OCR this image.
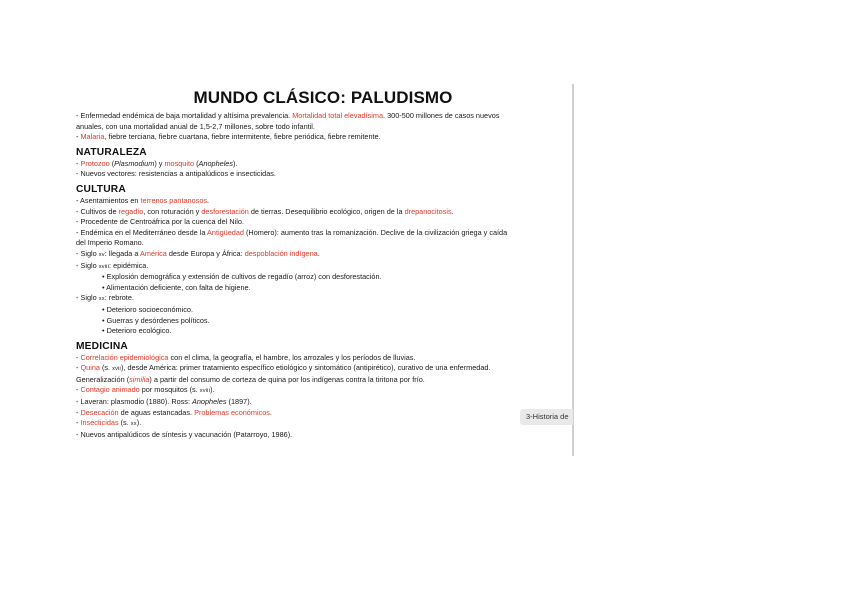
MUNDO CLÁSICO: PALUDISMO

- Enfermedad endémica de baja mortalidad y altísima prevalencia. Mortalidad total elevadísima. 300-500 millones de casos nuevos

anuales, con una mortalidad anual de 1,5-2,7 millones, sobre todo infantil.

- Malaria, fiebre terciana, fiebre cuartana, fiebre intermitente, fiebre periódica, fiebre remitente.

NATURALEZA

- Protozoo (Plasmodium) y mosquito (Anopheles).

- Nuevos vectores: resistencias a antipalúdicos e insecticidas.

CULTURA

- Asentamientos en terrenos pantanosos.

- Cultivos de regadío, con roturación y desforestación de tierras. Desequilibrio ecológico, origen de la drepanocitosis.

- Procedente de Centroáfrica por la cuenca del Nilo.

- Endémica en el Mediterráneo desde la Antigüedad (Homero): aumento tras la romanización. Declive de la civilización griega y caída

del Imperio Romano.

- Siglo xv: llegada a América desde Europa y África: despoblación indígena.

- Siglo xviii: epidémica.

• Explosión demográfica y extensión de cultivos de regadío (arroz) con desforestación.

• Alimentación deficiente, con falta de higiene.

- Siglo xx: rebrote.

• Deterioro socioeconómico.

• Guerras y desórdenes políticos.

• Deterioro ecológico.

MEDICINA

- Correlación epidemiológica con el clima, la geografía, el hambre, los arrozales y los períodos de lluvias.

- Quina (s. xvii), desde América: primer tratamiento específico etiológico y sintomático (antipirético), curativo de una enfermedad.

Generalización (similia) a partir del consumo de corteza de quina por los indígenas contra la tiritona por frío.

- Contagio animado por mosquitos (s. xviii).

- Laveran: plasmodio (1880). Ross: Anopheles (1897).

- Desecación de aguas estancadas. Problemas económicos.

- Insecticidas (s. xx).

- Nuevos antipalúdicos de síntesis y vacunación (Patarroyo, 1986).

3-Historia de
